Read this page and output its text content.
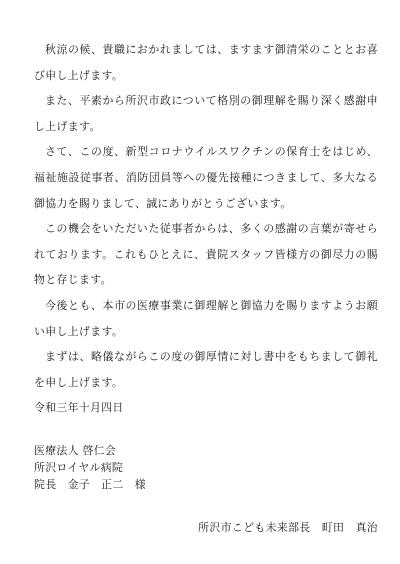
秋涼の候、貴職におかれましては、ますます御清栄のこととお喜び申し上げます。

また、平素から所沢市政について格別の御理解を賜り深く感謝申し上げます。

さて、この度、新型コロナウイルスワクチンの保育士をはじめ、福祉施設従事者、消防団員等への優先接種につきまして、多大なる御協力を賜りまして、誠にありがとうございます。

この機会をいただいた従事者からは、多くの感謝の言葉が寄せられております。これもひとえに、貴院スタッフ皆様方の御尽力の賜物と存じます。

今後とも、本市の医療事業に御理解と御協力を賜りますようお願い申し上げます。

まずは、略儀ながらこの度の御厚情に対し書中をもちまして御礼を申し上げます。

令和三年十月四日

医療法人 啓仁会
所沢ロイヤル病院
院長　金子　正二　様
所沢市こども未来部長　町田　真治
